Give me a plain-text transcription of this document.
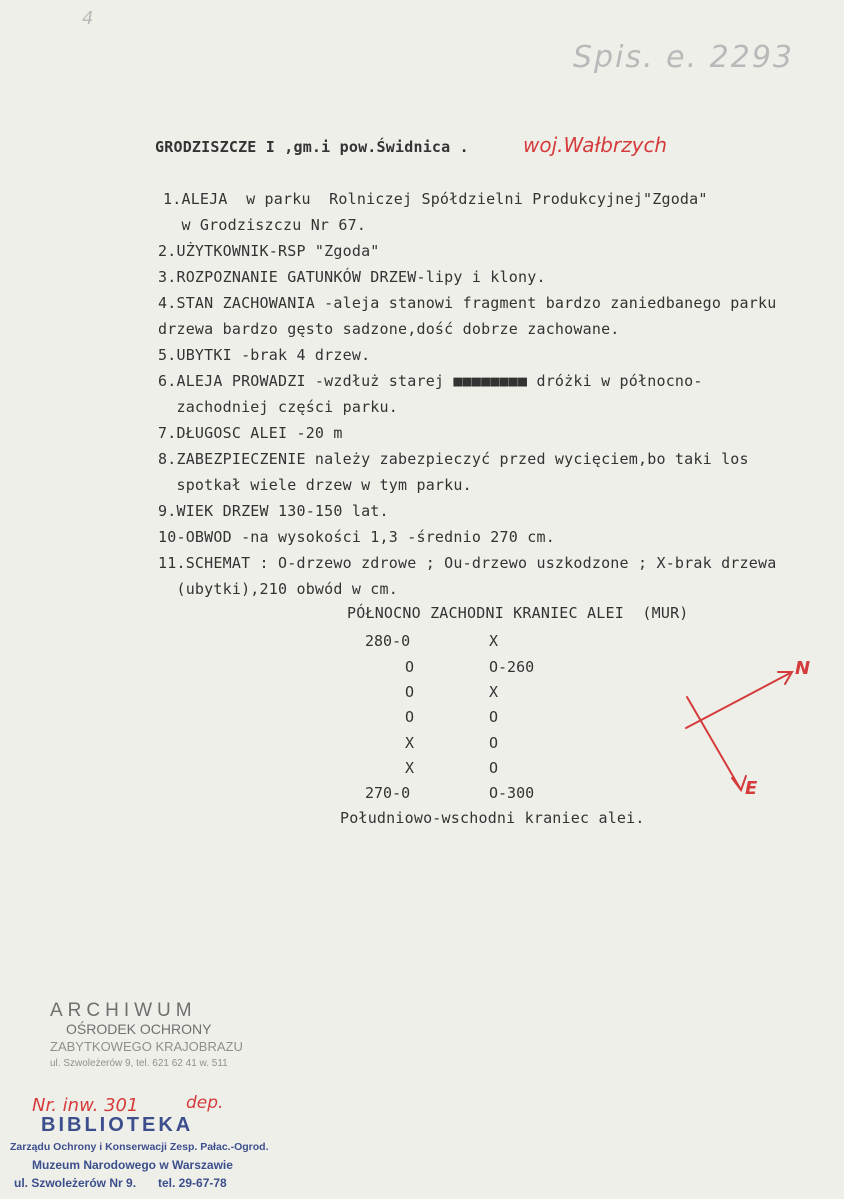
4
Spis. e. 2293
GRODZISZCZE I ,gm.i pow.Świdnica .	woj.Wałbrzych
1.ALEJA  w parku  Rolniczej Spółdzielni Produkcyjnej"Zgoda"
w Grodziszczu Nr 67.
2.UŻYTKOWNIK-RSP "Zgoda"
3.ROZPOZNANIE GATUNKÓW DRZEW-lipy i klony.
4.STAN ZACHOWANIA -aleja stanowi fragment bardzo zaniedbanego parku
drzewa bardzo gęsto sadzone,dość dobrze zachowane.
5.UBYTKI -brak 4 drzew.
6.ALEJA PROWADZI -wzdłuż starej ■■■■■■■■ dróżki w północno-
zachodniej części parku.
7.DŁUGOSC ALEI -20 m
8.ZABEZPIECZENIE należy zabezpieczyć przed wycięciem,bo taki los
spotkał wiele drzew w tym parku.
9.WIEK DRZEW 130-150 lat.
10-OBWOD -na wysokości 1,3 -średnio 270 cm.
11.SCHEMAT : O-drzewo zdrowe ; Ou-drzewo uszkodzone ; X-brak drzewa
(ubytki),210 obwód w cm.
PÓŁNOCNO ZACHODNI KRANIEC ALEI  (MUR)
280-0	X
O	O-260
O	X
O	O
X	O
X	O
270-0	O-300
Południowo-wschodni kraniec alei.
N
E
ARCHIWUM
OŚRODEK OCHRONY
ZABYTKOWEGO KRAJOBRAZU
ul. Szwoleżerów 9, tel. 621 62 41 w. 511
Nr. inw. 301	dep.
BIBLIOTEKA
Zarządu Ochrony i Konserwacji Zesp. Pałac.-Ogrod.
Muzeum Narodowego w Warszawie
ul. Szwoleżerów Nr 9. tel. 29-67-78
